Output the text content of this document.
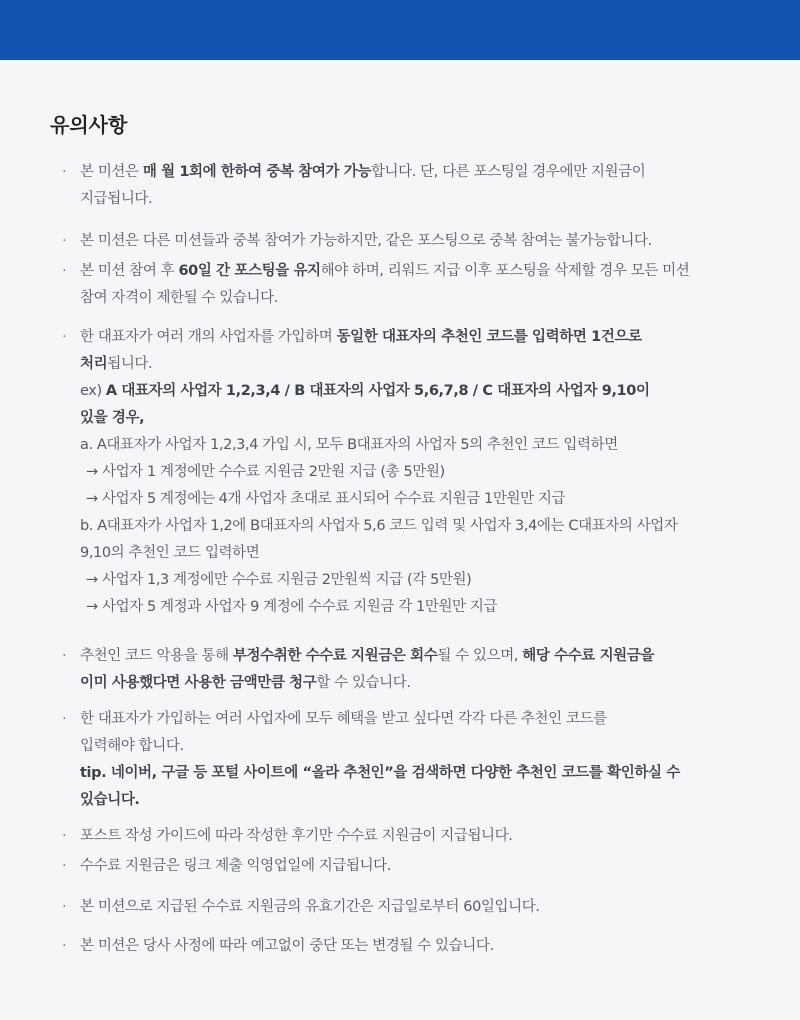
유의사항
· 본 미션은 매 월 1회에 한하여 중복 참여가 가능합니다. 단, 다른 포스팅일 경우에만 지원금이
지급됩니다.
· 본 미션은 다른 미션들과 중복 참여가 가능하지만, 같은 포스팅으로 중복 참여는 불가능합니다.
· 본 미션 참여 후 60일 간 포스팅을 유지해야 하며, 리워드 지급 이후 포스팅을 삭제할 경우 모든 미션
참여 자격이 제한될 수 있습니다.
· 한 대표자가 여러 개의 사업자를 가입하며 동일한 대표자의 추천인 코드를 입력하면 1건으로
처리됩니다.
ex) A 대표자의 사업자 1,2,3,4 / B 대표자의 사업자 5,6,7,8 / C 대표자의 사업자 9,10이
있을 경우,
a. A대표자가 사업자 1,2,3,4 가입 시, 모두 B대표자의 사업자 5의 추천인 코드 입력하면
→ 사업자 1 계정에만 수수료 지원금 2만원 지급 (총 5만원)
→ 사업자 5 계정에는 4개 사업자 초대로 표시되어 수수료 지원금 1만원만 지급
b. A대표자가 사업자 1,2에 B대표자의 사업자 5,6 코드 입력 및 사업자 3,4에는 C대표자의 사업자
9,10의 추천인 코드 입력하면
→ 사업자 1,3 계정에만 수수료 지원금 2만원씩 지급 (각 5만원)
→ 사업자 5 계정과 사업자 9 계정에 수수료 지원금 각 1만원만 지급
· 추천인 코드 악용을 통해 부정수취한 수수료 지원금은 회수될 수 있으며, 해당 수수료 지원금을
이미 사용했다면 사용한 금액만큼 청구할 수 있습니다.
· 한 대표자가 가입하는 여러 사업자에 모두 혜택을 받고 싶다면 각각 다른 추천인 코드를
입력해야 합니다.
tip. 네이버, 구글 등 포털 사이트에 “올라 추천인”을 검색하면 다양한 추천인 코드를 확인하실 수
있습니다.
· 포스트 작성 가이드에 따라 작성한 후기만 수수료 지원금이 지급됩니다.
· 수수료 지원금은 링크 제출 익영업일에 지급됩니다.
· 본 미션으로 지급된 수수료 지원금의 유효기간은 지급일로부터 60일입니다.
· 본 미션은 당사 사정에 따라 예고없이 중단 또는 변경될 수 있습니다.
